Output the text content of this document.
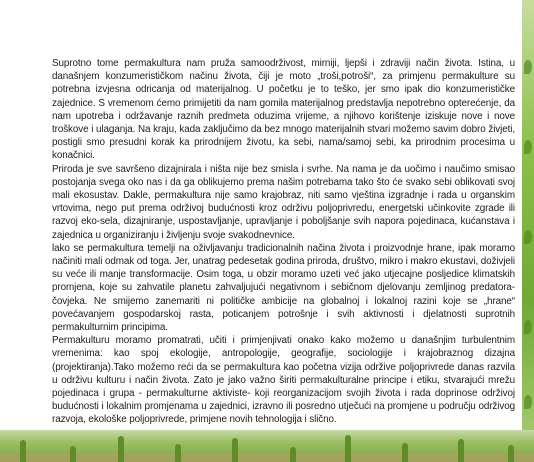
Suprotno tome permakultura nam pruža samoodrživost, mirniji, ljepši i zdraviji način života. Istina, u današnjem konzumerističkom načinu života, čiji je moto „troši,potroši“, za primjenu permakulture su potrebna izvjesna odricanja od materijalnog. U početku je to teško, jer smo ipak dio konzumerističke zajednice. S vremenom ćemo primijetiti da nam gomila materijalnog predstavlja nepotrebno opterećenje, da nam upotreba i održavanje raznih predmeta oduzima vrijeme, a njihovo korištenje iziskuje nove i nove troškove i ulaganja. Na kraju, kada zaključimo da bez mnogo materijalnih stvari možemo savim dobro živjeti, postigli smo presudni korak ka prirodnijem životu, ka sebi, nama/samoj sebi, ka prirodnim procesima u konačnici.

Priroda je sve savršeno dizajnirala i ništa nije bez smisla i svrhe. Na nama je da uočimo i naučimo smisao postojanja svega oko nas i da ga oblikujemo prema našim potrebama tako što će svako sebi oblikovati svoj mali ekosustav. Dakle, permakultura nije samo krajobraz, niti samo vještina izgradnje i rada u organskim vrtovima, nego put prema održivoj budućnosti kroz održivu poljoprivredu, energetski učinkovite zgrade ili razvoj eko-sela, dizajniranje, uspostavljanje, upravljanje i poboljšanje svih napora pojedinaca, kućanstava i zajednica u organiziranju i življenju svoje svakodnevnice.

lako se permakultura temelji na oživljavanju tradicionalnih načina života i proizvodnje hrane, ipak moramo načiniti mali odmak od toga. Jer, unatrag pedesetak godina priroda, društvo, mikro i makro ekustavi, doživjeli su veće ili manje transformacije. Osim toga, u obzir moramo uzeti već jako utjecajne posljedice klimatskih promjena, koje su zahvatile planetu zahvaljujući negativnom i sebičnom djelovanju zemljinog predatora-čovjeka. Ne smijemo zanemariti ni političke ambicije na globalnoj i lokalnoj razini koje se „hrane“ povećavanjem gospodarskoj rasta, poticanjem potrošnje i svih aktivnosti i djelatnosti suprotnih permakulturnim principima.

Permakulturu moramo promatrati, učiti i primjenjivati onako kako možemo u današnjim turbulentnim vremenima: kao spoj ekologije, antropologije, geografije, sociologije i krajobraznog dizajna (projektiranja).Tako možemo reći da se permakultura kao početna vizija održive poljoprivrede danas razvila u održivu kulturu i način života. Zato je jako važno širiti permakulturalne principe i etiku, stvarajući mrežu pojedinaca i grupa - permakulturne aktiviste- koji reorganizacijom svojih života i rada doprinose održivoj budućnosti i lokalnim promjenama u zajednici, izravno ili posredno utječući na promjene u području održivog razvoja, ekološke poljoprivrede, primjene novih tehnologija i slično.
